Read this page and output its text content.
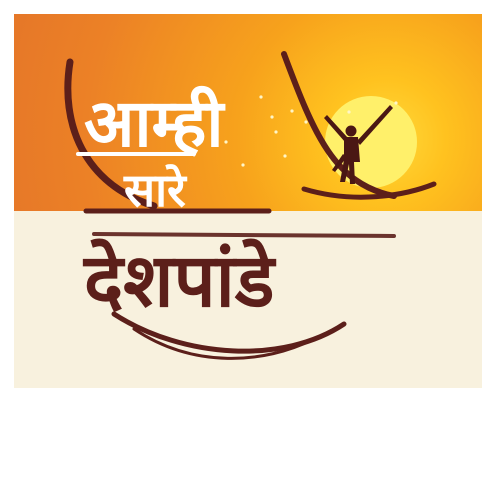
आम्ही
सारे
देशपांडे
